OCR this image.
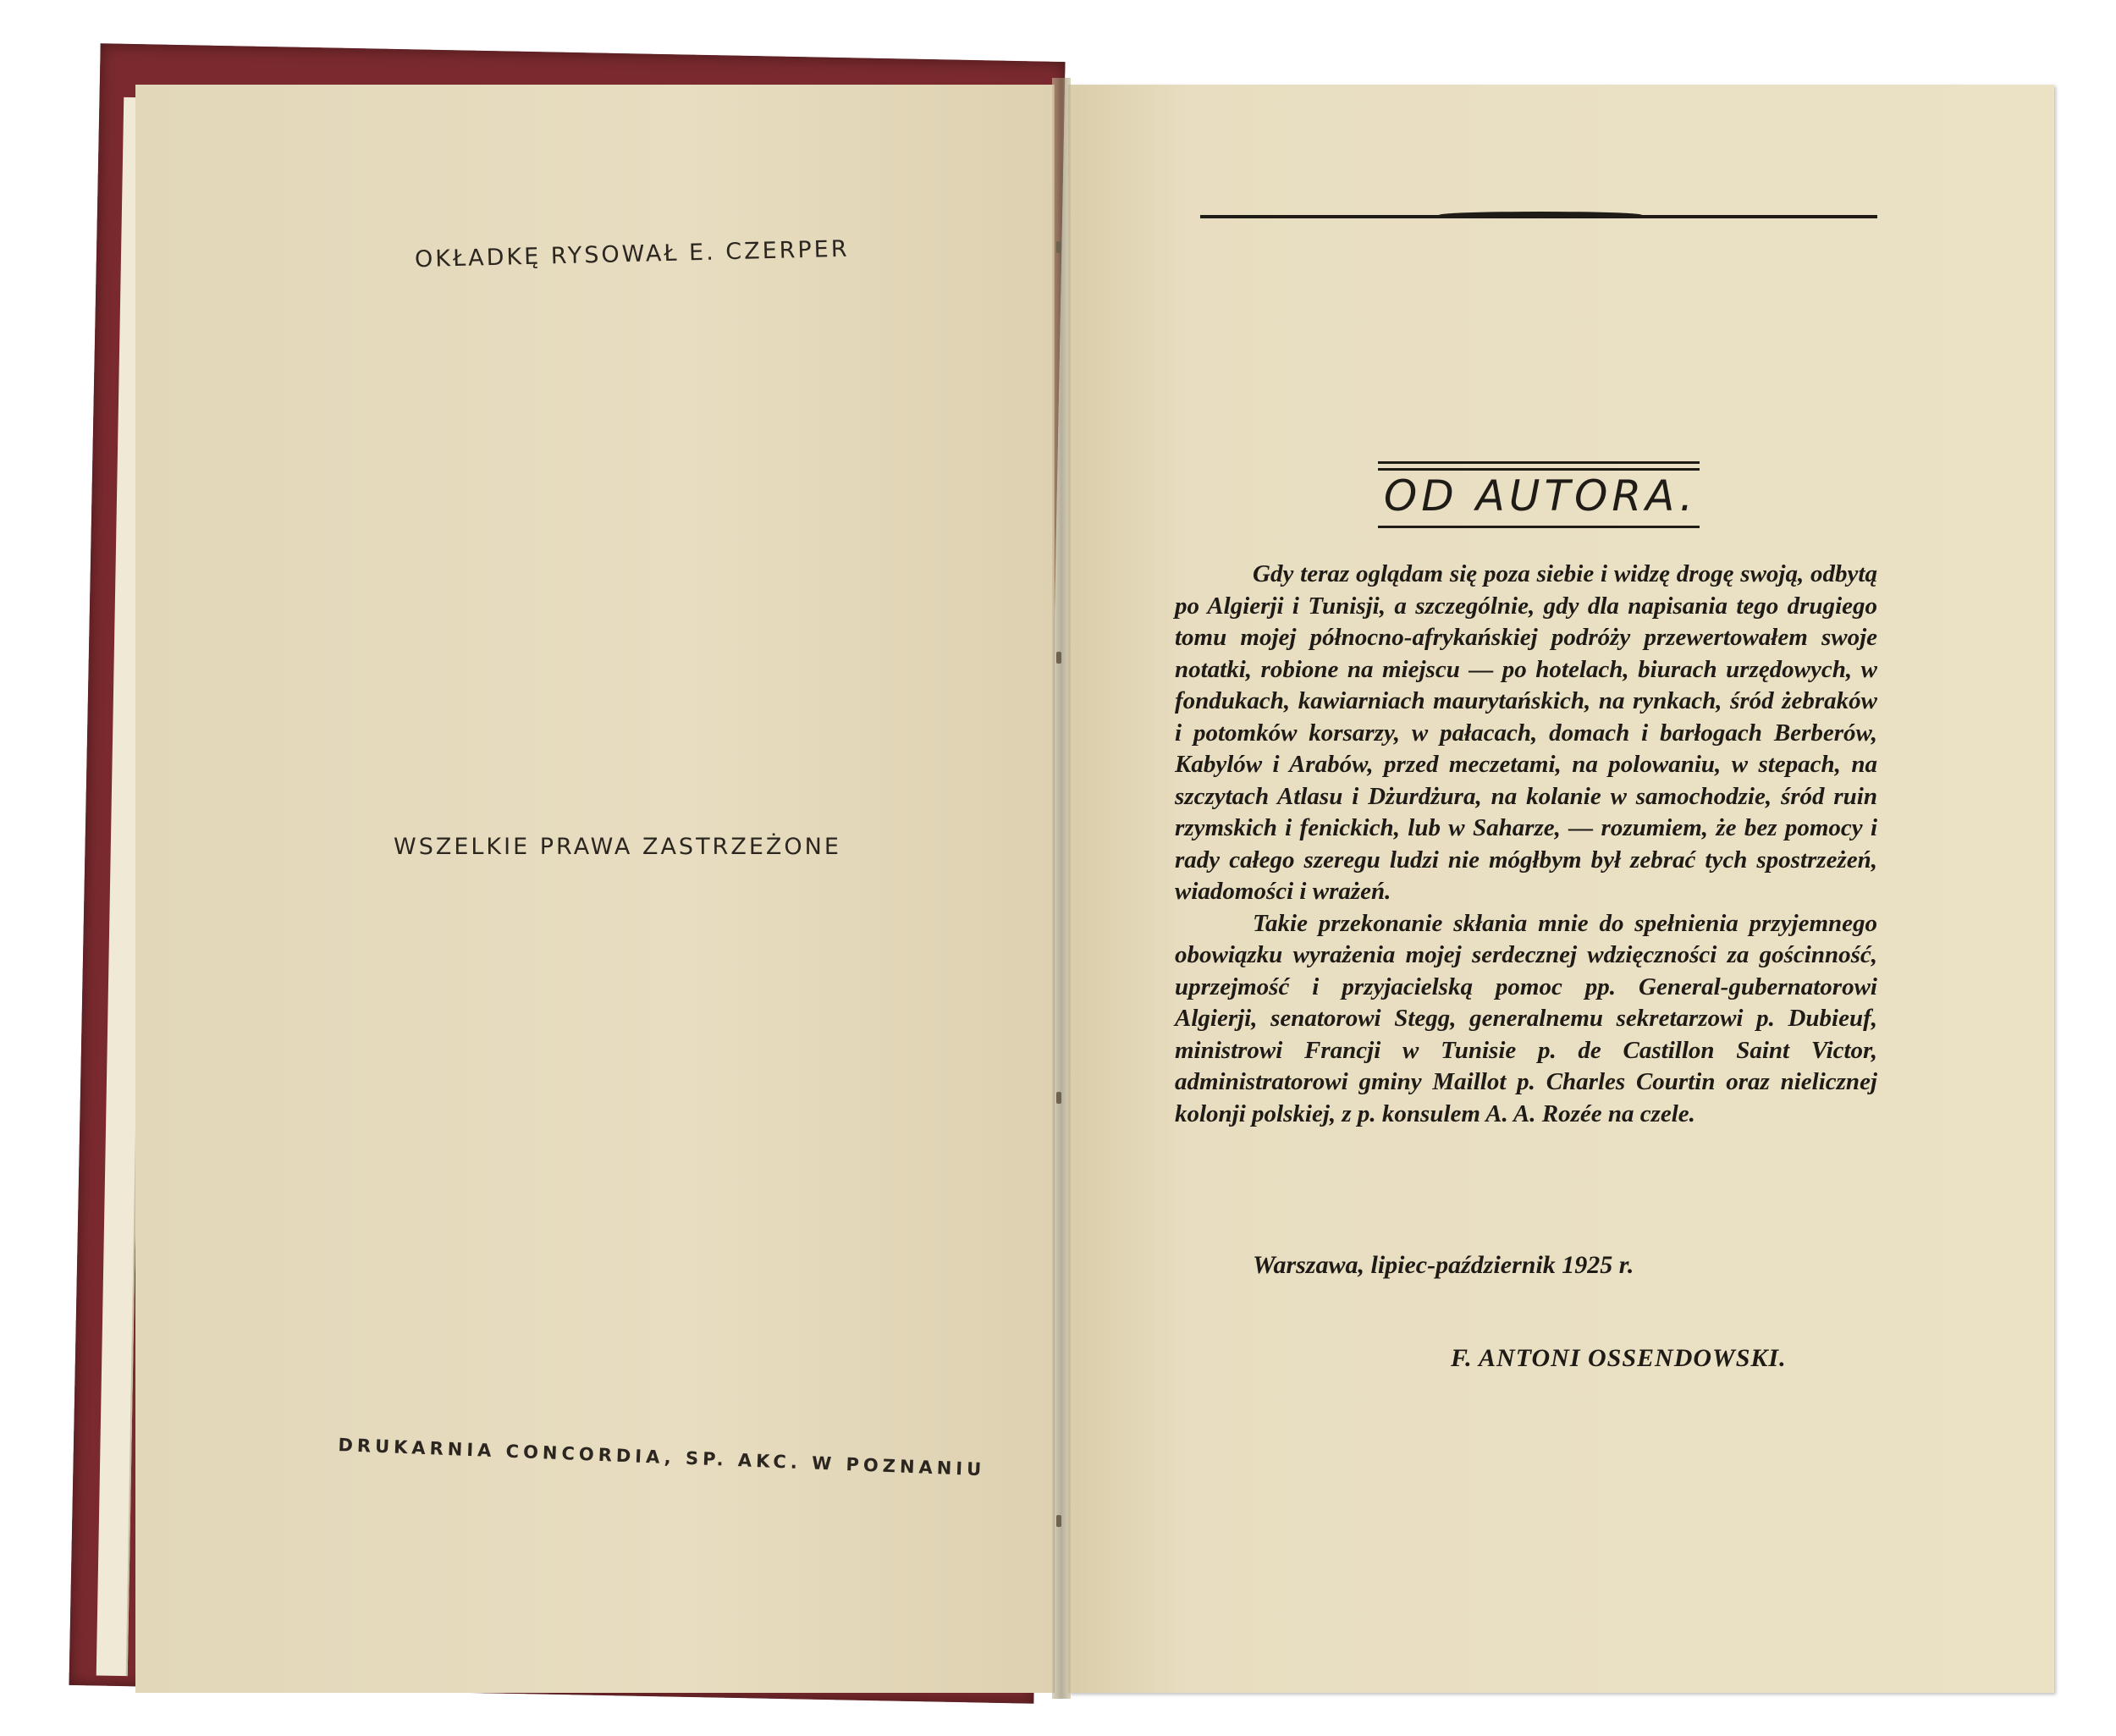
OKŁADKĘ RYSOWAŁ E. CZERPER
WSZELKIE PRAWA ZASTRZEŻONE
DRUKARNIA CONCORDIA, SP. AKC. W POZNANIU
OD AUTORA.

Gdy teraz oglądam się poza siebie i widzę drogę swoją, odbytą po Algierji i Tunisji, a szczególnie, gdy dla napisania tego drugiego tomu mojej północno-afrykańskiej podróży przewertowałem swoje notatki, robione na miejscu — po hotelach, biurach urzędowych, w fondukach, kawiarniach maurytańskich, na rynkach, śród żebraków i potomków korsarzy, w pałacach, domach i barłogach Berberów, Kabylów i Arabów, przed meczetami, na polowaniu, w stepach, na szczytach Atlasu i Dżurdżura, na kolanie w samochodzie, śród ruin rzymskich i fenickich, lub w Saharze, — rozumiem, że bez pomocy i rady całego szeregu ludzi nie mógłbym był zebrać tych spostrzeżeń, wiadomości i wrażeń.

Takie przekonanie skłania mnie do spełnienia przyjemnego obowiązku wyrażenia mojej serdecznej wdzięczności za gościnność, uprzejmość i przyjacielską pomoc pp. General-gubernatorowi Algierji, senatorowi Stegg, generalnemu sekretarzowi p. Dubieuf, ministrowi Francji w Tunisie p. de Castillon Saint Victor, administratorowi gminy Maillot p. Charles Courtin oraz nielicznej kolonji polskiej, z p. konsulem A. A. Rozée na czele.

Warszawa, lipiec-październik 1925 r.
F. ANTONI OSSENDOWSKI.
